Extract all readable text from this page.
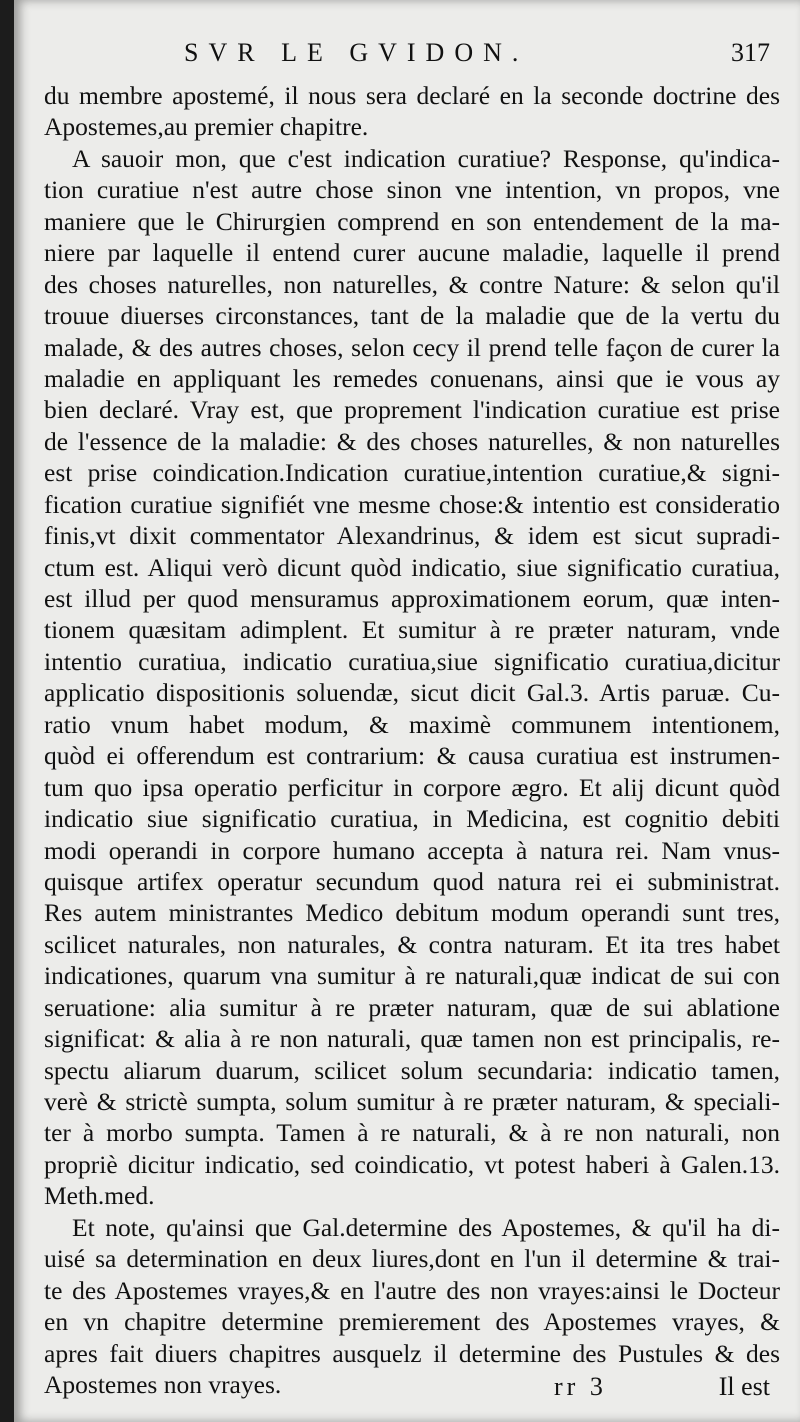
SVR LE GVIDON.	317
du membre apostemé, il nous sera declaré en la seconde doctrine des
Apostemes,au premier chapitre.
A sauoir mon, que c'est indication curatiue? Response, qu'indica-
tion curatiue n'est autre chose sinon vne intention, vn propos, vne
maniere que le Chirurgien comprend en son entendement de la ma-
niere par laquelle il entend curer aucune maladie, laquelle il prend
des choses naturelles, non naturelles, & contre Nature: & selon qu'il
trouue diuerses circonstances, tant de la maladie que de la vertu du
malade, & des autres choses, selon cecy il prend telle façon de curer la
maladie en appliquant les remedes conuenans, ainsi que ie vous ay
bien declaré. Vray est, que proprement l'indication curatiue est prise
de l'essence de la maladie: & des choses naturelles, & non naturelles
est prise coindication.Indication curatiue,intention curatiue,& signi-
fication curatiue signifiét vne mesme chose:& intentio est consideratio
finis,vt dixit commentator Alexandrinus, & idem est sicut supradi-
ctum est. Aliqui verò dicunt quòd indicatio, siue significatio curatiua,
est illud per quod mensuramus approximationem eorum, quæ inten-
tionem quæsitam adimplent. Et sumitur à re præter naturam, vnde
intentio curatiua, indicatio curatiua,siue significatio curatiua,dicitur
applicatio dispositionis soluendæ, sicut dicit Gal.3. Artis paruæ. Cu-
ratio vnum habet modum, & maximè communem intentionem,
quòd ei offerendum est contrarium: & causa curatiua est instrumen-
tum quo ipsa operatio perficitur in corpore ægro. Et alij dicunt quòd
indicatio siue significatio curatiua, in Medicina, est cognitio debiti
modi operandi in corpore humano accepta à natura rei. Nam vnus-
quisque artifex operatur secundum quod natura rei ei subministrat.
Res autem ministrantes Medico debitum modum operandi sunt tres,
scilicet naturales, non naturales, & contra naturam. Et ita tres habet
indicationes, quarum vna sumitur à re naturali,quæ indicat de sui con
seruatione: alia sumitur à re præter naturam, quæ de sui ablatione
significat: & alia à re non naturali, quæ tamen non est principalis, re-
spectu aliarum duarum, scilicet solum secundaria: indicatio tamen,
verè & strictè sumpta, solum sumitur à re præter naturam, & speciali-
ter à morbo sumpta. Tamen à re naturali, & à re non naturali, non
propriè dicitur indicatio, sed coindicatio, vt potest haberi à Galen.13.
Meth.med.
Et note, qu'ainsi que Gal.determine des Apostemes, & qu'il ha di-
uisé sa determination en deux liures,dont en l'un il determine & trai-
te des Apostemes vrayes,& en l'autre des non vrayes:ainsi le Docteur
en vn chapitre determine premierement des Apostemes vrayes, &
apres fait diuers chapitres ausquelz il determine des Pustules & des
Apostemes non vrayes.	rr 3	Il est
